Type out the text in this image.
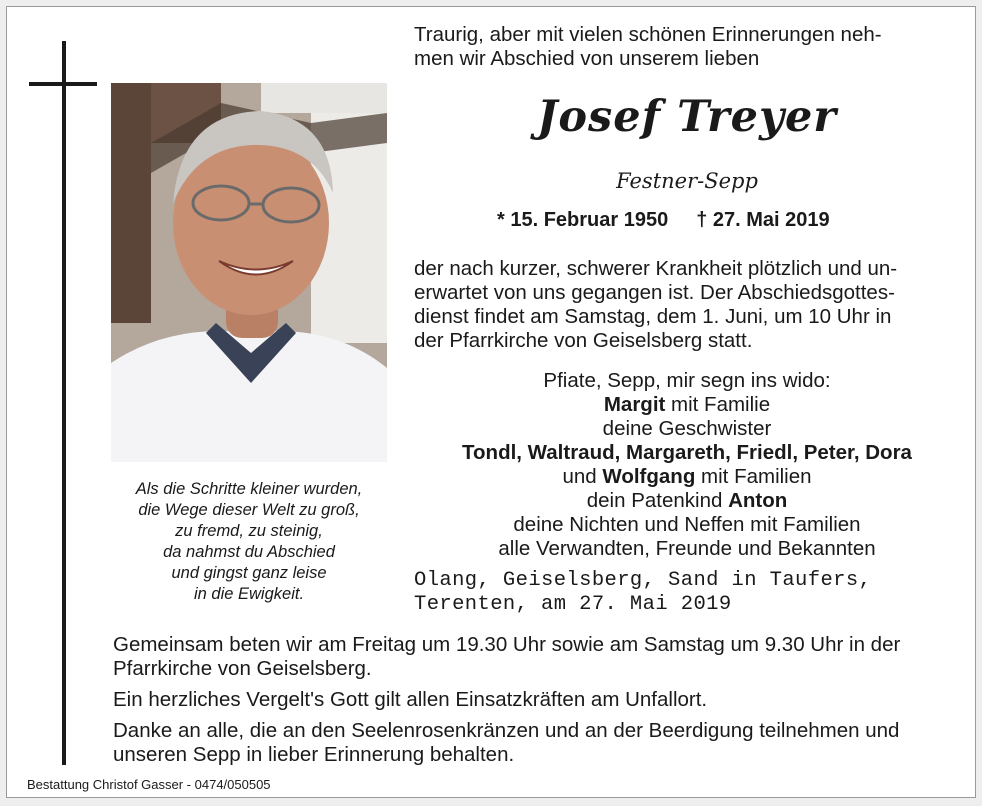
Als die Schritte kleiner wurden,
die Wege dieser Welt zu groß,
zu fremd, zu steinig,
da nahmst du Abschied
und gingst ganz leise
in die Ewigkeit.
Traurig, aber mit vielen schönen Erinnerungen neh-
men wir Abschied von unserem lieben
Josef Treyer
Festner-Sepp
* 15. Februar 1950 † 27. Mai 2019
der nach kurzer, schwerer Krankheit plötzlich und un-
erwartet von uns gegangen ist. Der Abschiedsgottes-
dienst findet am Samstag, dem 1. Juni, um 10 Uhr in
der Pfarrkirche von Geiselsberg statt.
Pfiate, Sepp, mir segn ins wido:
Margit mit Familie
deine Geschwister
Tondl, Waltraud, Margareth, Friedl, Peter, Dora
und Wolfgang mit Familien
dein Patenkind Anton
deine Nichten und Neffen mit Familien
alle Verwandten, Freunde und Bekannten
Olang, Geiselsberg, Sand in Taufers,
Terenten, am 27. Mai 2019

Gemeinsam beten wir am Freitag um 19.30 Uhr sowie am Samstag um 9.30 Uhr in der Pfarrkirche von Geiselsberg.

Ein herzliches Vergelt's Gott gilt allen Einsatzkräften am Unfallort.

Danke an alle, die an den Seelenrosenkränzen und an der Beerdigung teilnehmen und unseren Sepp in lieber Erinnerung behalten.

Bestattung Christof Gasser - 0474/050505
